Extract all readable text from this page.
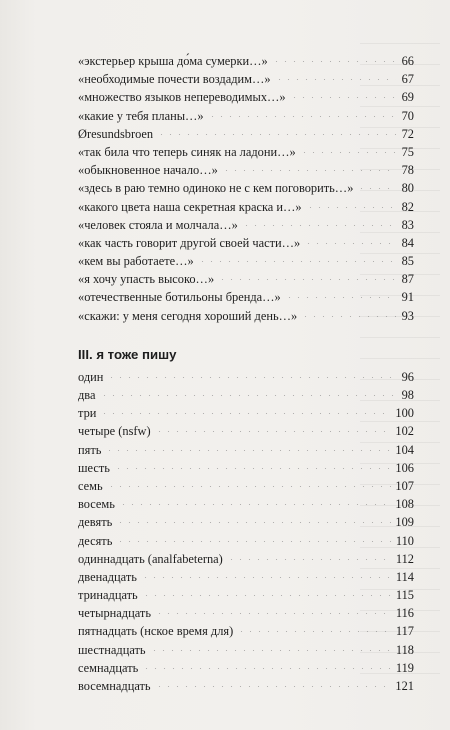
«экстерьер крыша до́ма сумерки…»	66
«необходимые почести воздадим…»	67
«множество языков непереводимых…»	69
«какие у тебя планы…»	70
Øresundsbroen	72
«так била что теперь синяк на ладони…»	75
«обыкновенное начало…»	78
«здесь в раю темно одиноко не с кем поговорить…»	80
«какого цвета наша секретная краска и…»	82
«человек стояла и молчала…»	83
«как часть говорит другой своей части…»	84
«кем вы работаете…»	85
«я хочу упасть высоко…»	87
«отечественные ботильоны бренда…»	91
«скажи: у меня сегодня хороший день…»	93
III. я тоже пишу
один	96
два	98
три	100
четыре (nsfw)	102
пять	104
шесть	106
семь	107
восемь	108
девять	109
десять	110
одиннадцать (analfabeterna)	112
двенадцать	114
тринадцать	115
четырнадцать	116
пятнадцать (нское время для)	117
шестнадцать	118
семнадцать	119
восемнадцать	121
